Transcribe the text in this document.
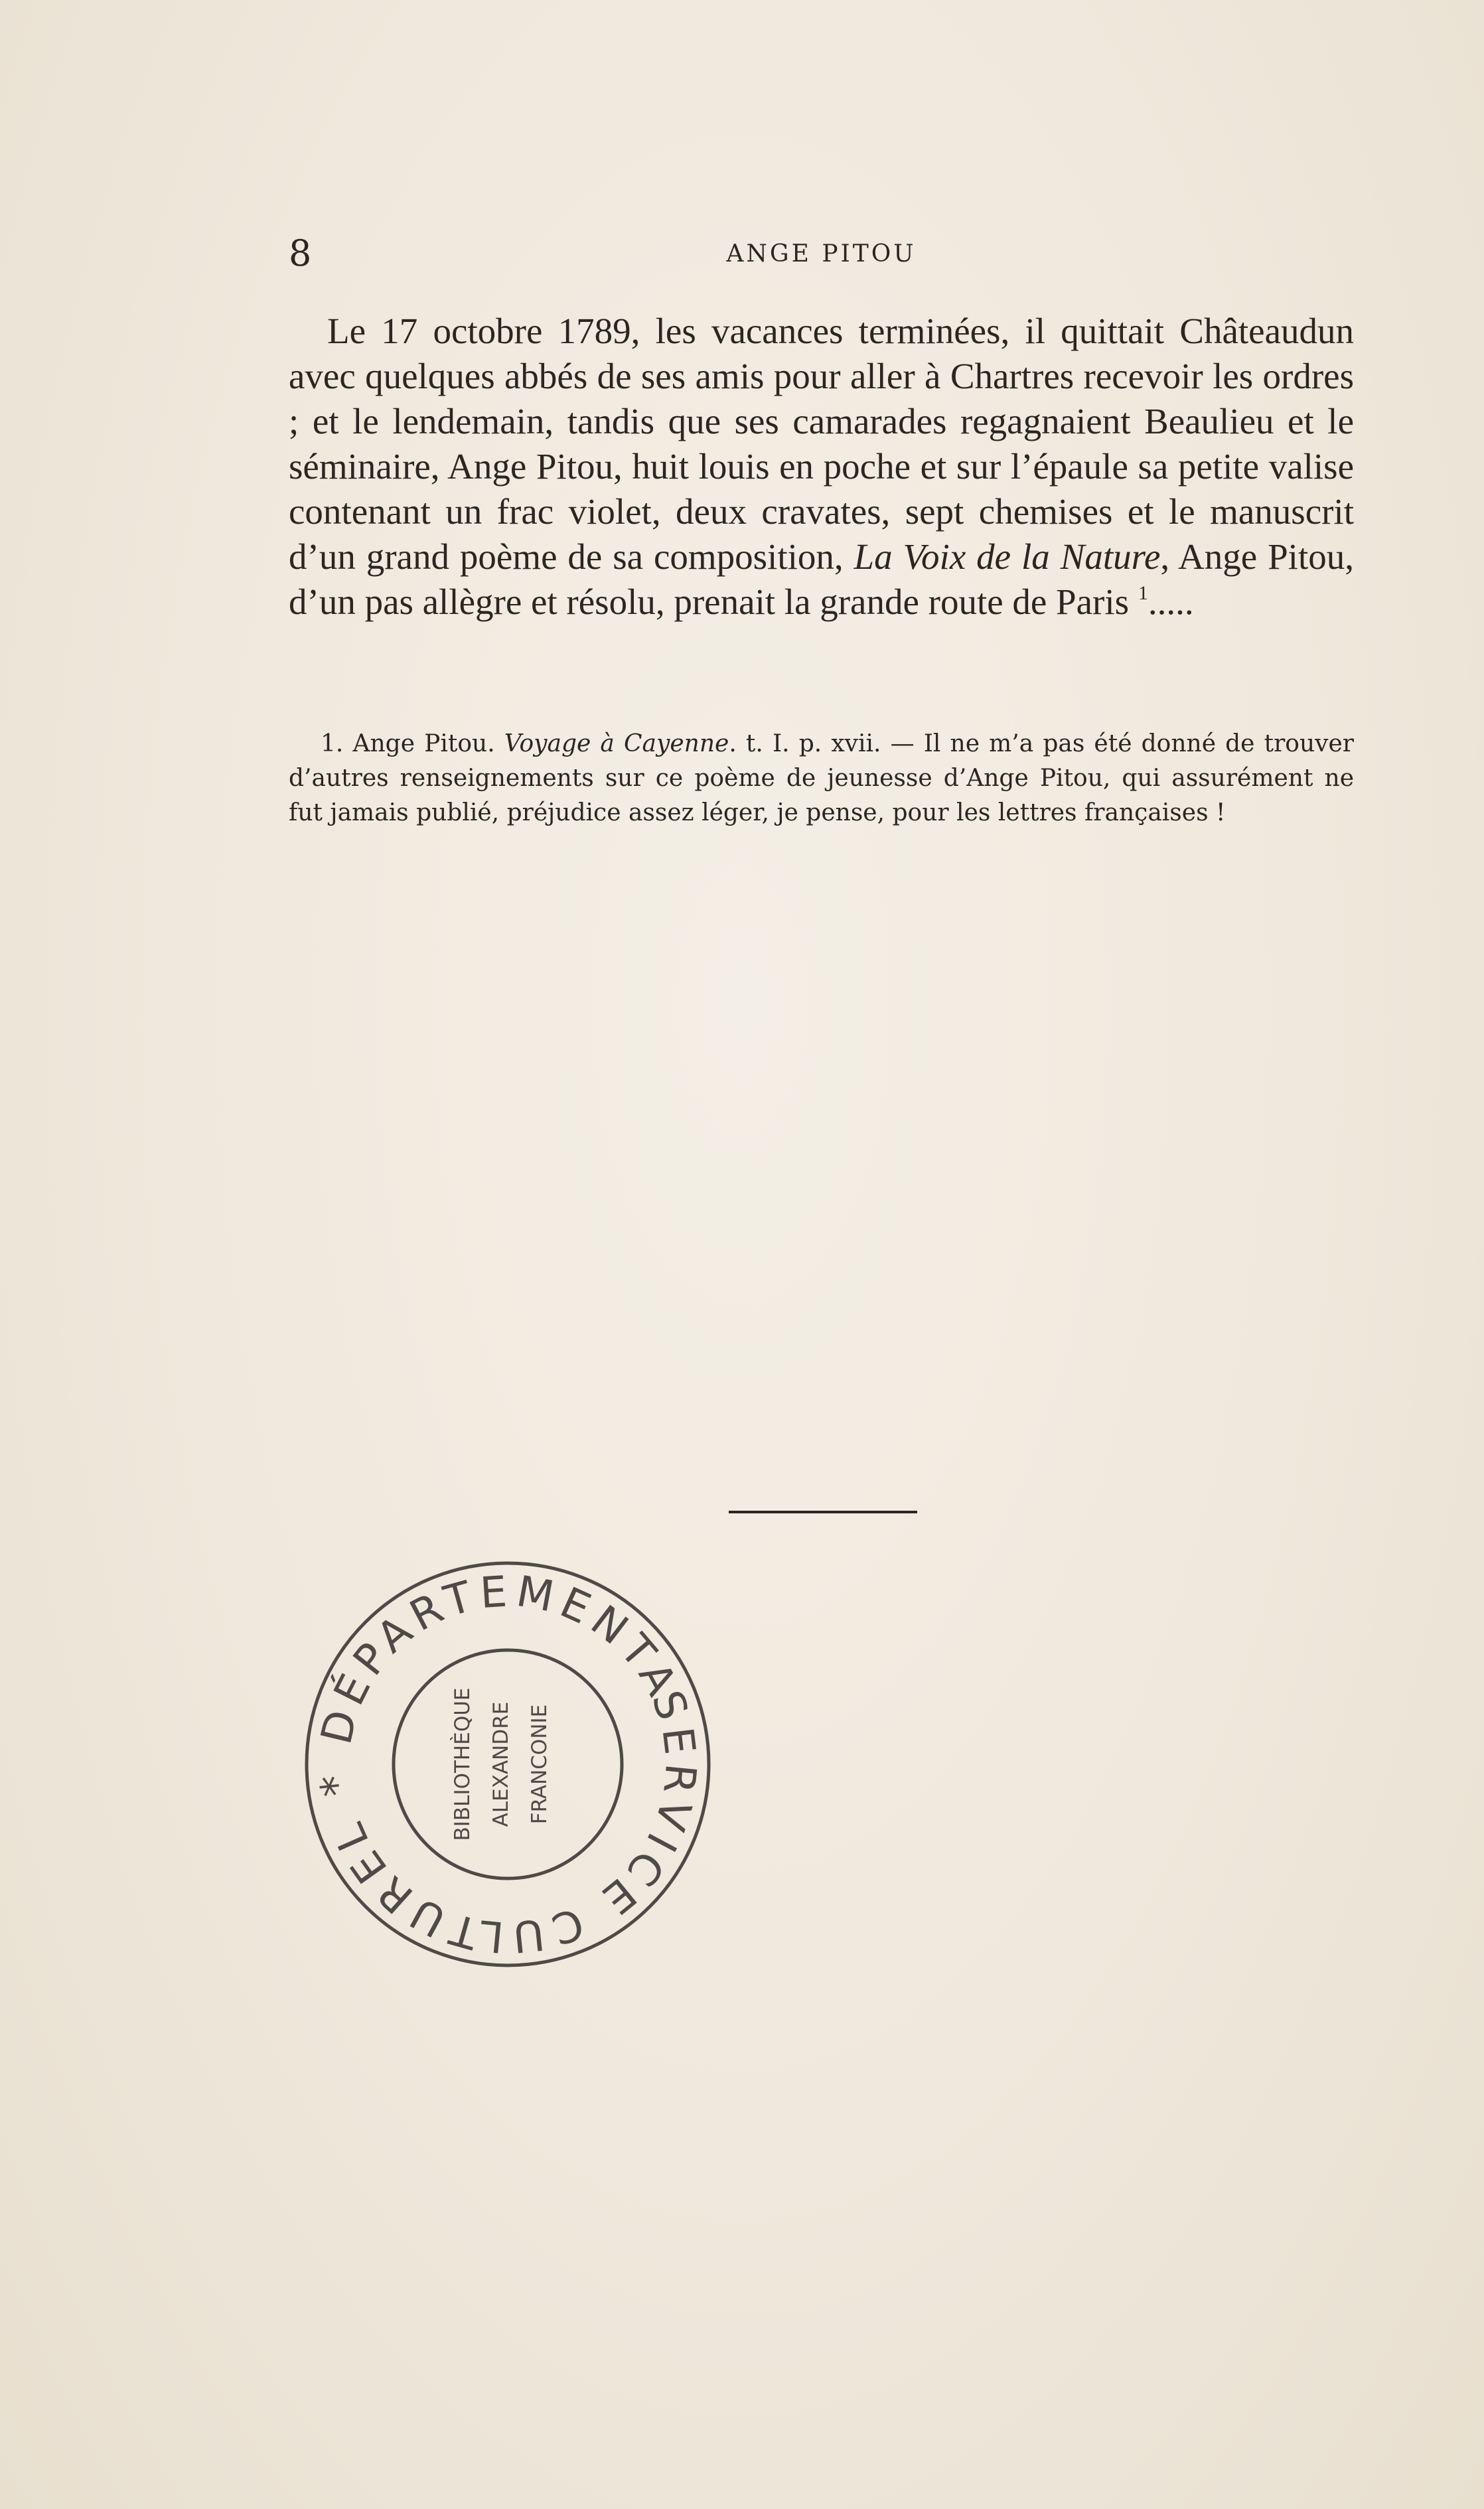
8	ANGE PITOU

Le 17 octobre 1789, les vacances terminées, il quittait Châteaudun avec quelques abbés de ses amis pour aller à Chartres recevoir les ordres ; et le lendemain, tandis que ses camarades regagnaient Beaulieu et le séminaire, Ange Pitou, huit louis en poche et sur l’épaule sa petite valise contenant un frac violet, deux cravates, sept chemises et le manuscrit d’un grand poème de sa composition, La Voix de la Nature, Ange Pitou, d’un pas allègre et résolu, prenait la grande route de Paris $^1$.....

1. Ange Pitou. Voyage à Cayenne. t. I. p. xvii. — Il ne m’a pas été donné de trouver d’autres renseignements sur ce poème de jeunesse d’Ange Pitou, qui assurément ne fut jamais publié, préjudice assez léger, je pense, pour les lettres françaises !

SERVICE CULTUREL * DÉPARTEMENTAL
BIBLIOTHÈQUE ALEXANDRE FRANCONIE
